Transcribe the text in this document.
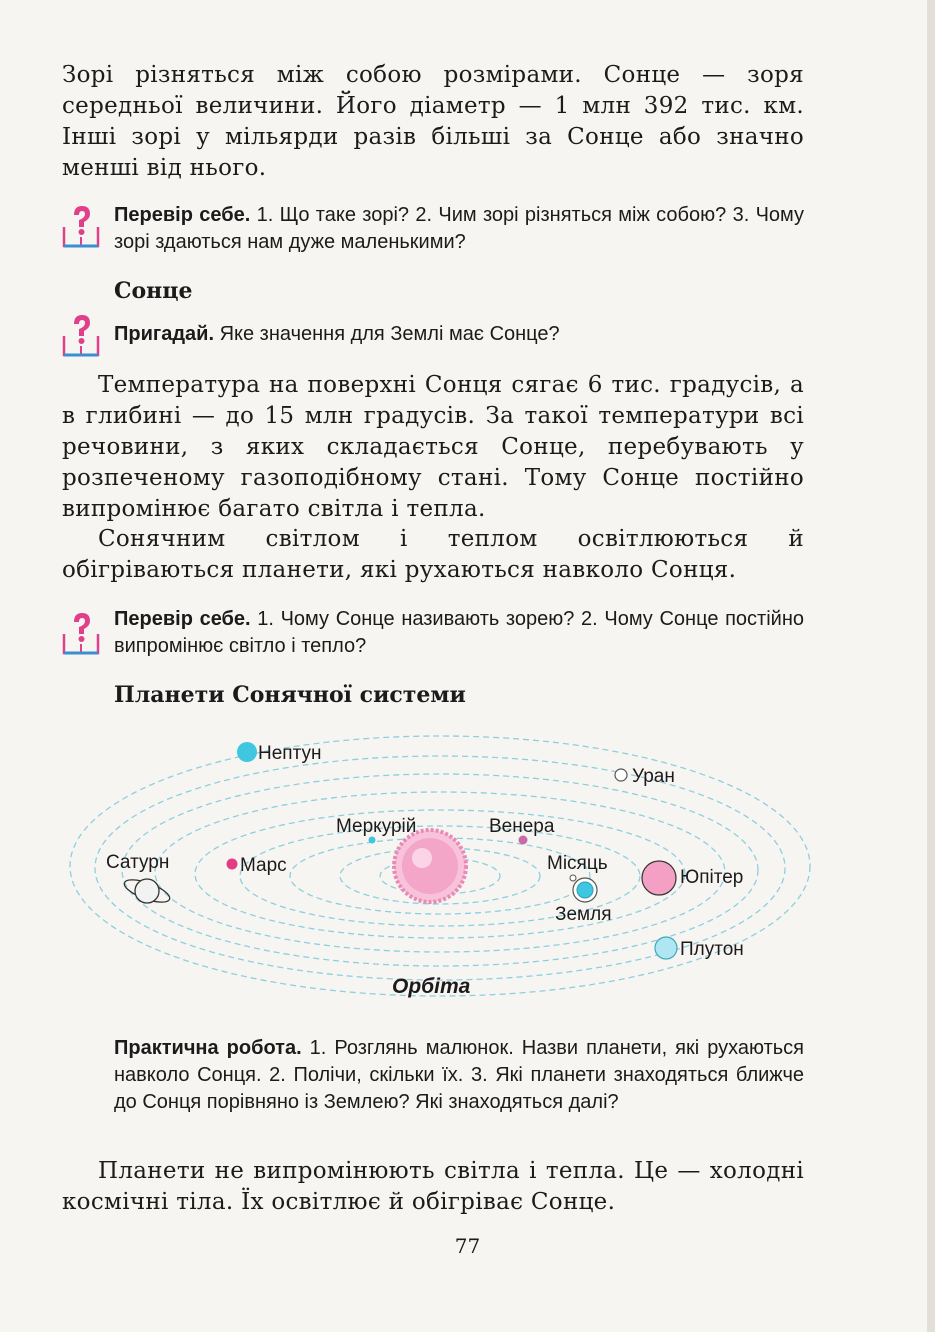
Зорі різняться між собою розмірами. Сонце — зоря середньої величини. Його діаметр — 1 млн 392 тис. км. Інші зорі у мільярди разів більші за Сонце або значно менші від нього.

Перевір себе. 1. Що таке зорі? 2. Чим зорі різняться між собою? 3. Чому зорі здаються нам дуже маленькими?

Сонце

Пригадай. Яке значення для Землі має Сонце?

Температура на поверхні Сонця сягає 6 тис. градусів, а в глибині — до 15 млн градусів. За такої температури всі речовини, з яких складається Сонце, перебувають у розпеченому газоподібному стані. Тому Сонце постійно випромінює багато світла і тепла.

Сонячним світлом і теплом освітлюються й обігріваються планети, які рухаються навколо Сонця.

Перевір себе. 1. Чому Сонце називають зорею? 2. Чому Сонце постійно випромінює світло і тепло?

Планети Сонячної системи
Нептун
Уран
Меркурій	Венера
Сатурн	Марс	Місяць
Земля
Юпітер
Плутон
Орбіта

Практична робота. 1. Розглянь малюнок. Назви планети, які рухаються навколо Сонця. 2. Полічи, скільки їх. 3. Які планети знаходяться ближче до Сонця порівняно із Землею? Які знаходяться далі?

Планети не випромінюють світла і тепла. Це — холодні космічні тіла. Їх освітлює й обігріває Сонце.

77
